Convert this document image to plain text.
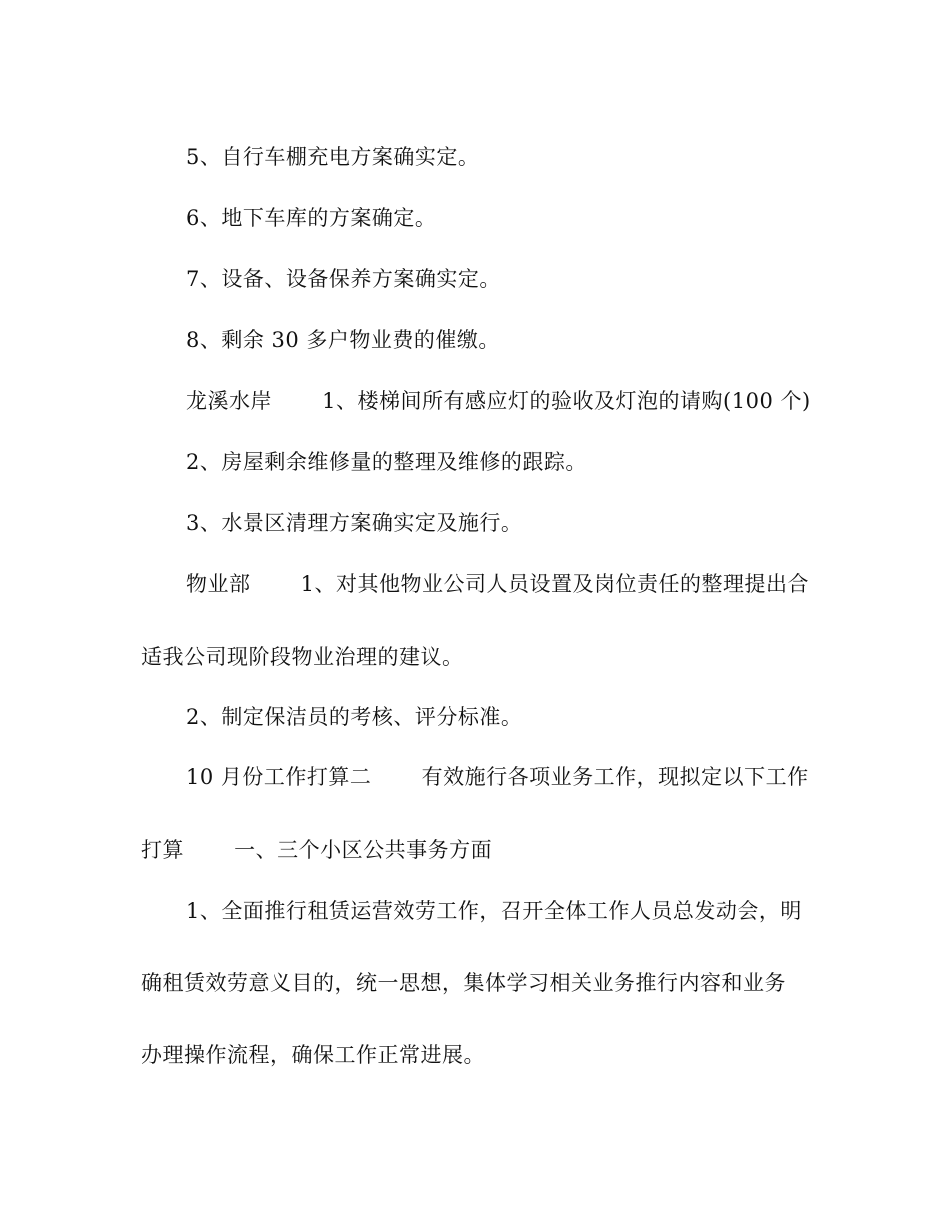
5、自行车棚充电方案确实定。
6、地下车库的方案确定。
7、设备、设备保养方案确实定。
8、剩余 30 多户物业费的催缴。
龙溪水岸　　 1、楼梯间所有感应灯的验收及灯泡的请购(100 个)
2、房屋剩余维修量的整理及维修的跟踪。
3、水景区清理方案确实定及施行。
物业部　　 1、对其他物业公司人员设置及岗位责任的整理提出合
适我公司现阶段物业治理的建议。
2、制定保洁员的考核、评分标准。
10 月份工作打算二　　 有效施行各项业务工作，现拟定以下工作
打算　　 一、三个小区公共事务方面
1、全面推行租赁运营效劳工作，召开全体工作人员总发动会，明
确租赁效劳意义目的，统一思想，集体学习相关业务推行内容和业务
办理操作流程，确保工作正常进展。
